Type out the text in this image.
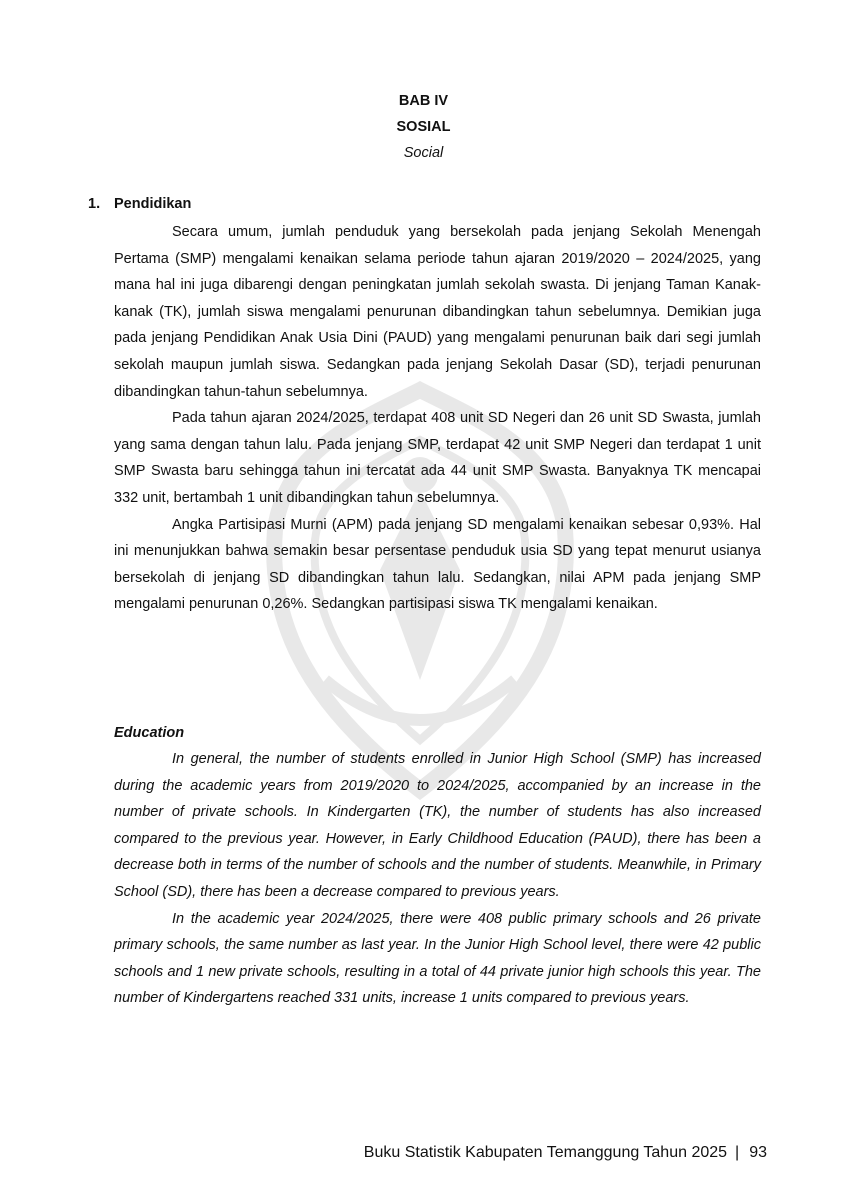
BAB IV
SOSIAL
Social
1. Pendidikan

Secara umum, jumlah penduduk yang bersekolah pada jenjang Sekolah Menengah Pertama (SMP) mengalami kenaikan selama periode tahun ajaran 2019/2020 – 2024/2025, yang mana hal ini juga dibarengi dengan peningkatan jumlah sekolah swasta. Di jenjang Taman Kanak-kanak (TK), jumlah siswa mengalami penurunan dibandingkan tahun sebelumnya. Demikian juga pada jenjang Pendidikan Anak Usia Dini (PAUD) yang mengalami penurunan baik dari segi jumlah sekolah maupun jumlah siswa. Sedangkan pada jenjang Sekolah Dasar (SD), terjadi penurunan dibandingkan tahun-tahun sebelumnya.

Pada tahun ajaran 2024/2025, terdapat 408 unit SD Negeri dan 26 unit SD Swasta, jumlah yang sama dengan tahun lalu. Pada jenjang SMP, terdapat 42 unit SMP Negeri dan terdapat 1 unit SMP Swasta baru sehingga tahun ini tercatat ada 44 unit SMP Swasta. Banyaknya TK mencapai 332 unit, bertambah 1 unit dibandingkan tahun sebelumnya.

Angka Partisipasi Murni (APM) pada jenjang SD mengalami kenaikan sebesar 0,93%. Hal ini menunjukkan bahwa semakin besar persentase penduduk usia SD yang tepat menurut usianya bersekolah di jenjang SD dibandingkan tahun lalu. Sedangkan, nilai APM pada jenjang SMP mengalami penurunan 0,26%. Sedangkan partisipasi siswa TK mengalami kenaikan.

Education

In general, the number of students enrolled in Junior High School (SMP) has increased during the academic years from 2019/2020 to 2024/2025, accompanied by an increase in the number of private schools. In Kindergarten (TK), the number of students has also increased compared to the previous year. However, in Early Childhood Education (PAUD), there has been a decrease both in terms of the number of schools and the number of students. Meanwhile, in Primary School (SD), there has been a decrease compared to previous years.

In the academic year 2024/2025, there were 408 public primary schools and 26 private primary schools, the same number as last year. In the Junior High School level, there were 42 public schools and 1 new private schools, resulting in a total of 44 private junior high schools this year. The number of Kindergartens reached 331 units, increase 1 units compared to previous years.

Buku Statistik Kabupaten Temanggung Tahun 2025 | 93
